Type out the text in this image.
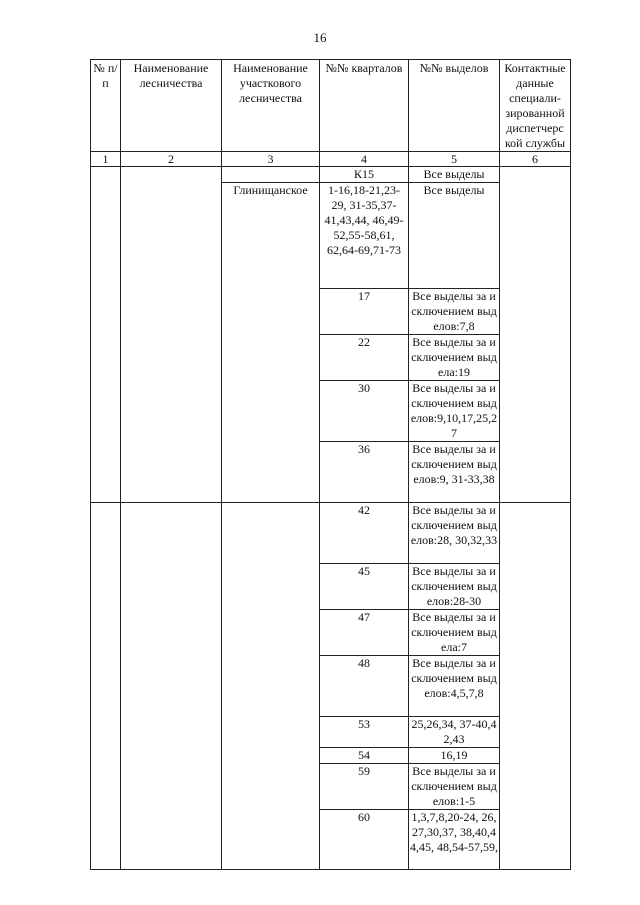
16
№ п/п	Наименование лесничества	Наименование участкового лесничества	№№ кварталов	№№ выделов	Контактные данные специали-зированной диспетчерс кой службы
1	2	3	4	5	6
			К15	Все выделы	
		Глинищанское	1-16,18-21,23-29, 31-35,37-41,43,44, 46,49-52,55-58,61, 62,64-69,71-73	Все выделы	
			17	Все выделы за исключением выделов:7,8	
			22	Все выделы за исключением выдела:19	
			30	Все выделы за исключением выделов:9,10,17,25,27	
			36	Все выделы за исключением выделов:9, 31-33,38	
			42	Все выделы за исключением выделов:28, 30,32,33	
			45	Все выделы за исключением выделов:28-30	
			47	Все выделы за исключением выдела:7	
			48	Все выделы за исключением выделов:4,5,7,8	
			53	25,26,34, 37-40,42,43	
			54	16,19	
			59	Все выделы за исключением выделов:1-5	
			60	1,3,7,8,20-24, 26,27,30,37, 38,40,44,45, 48,54-57,59,	
